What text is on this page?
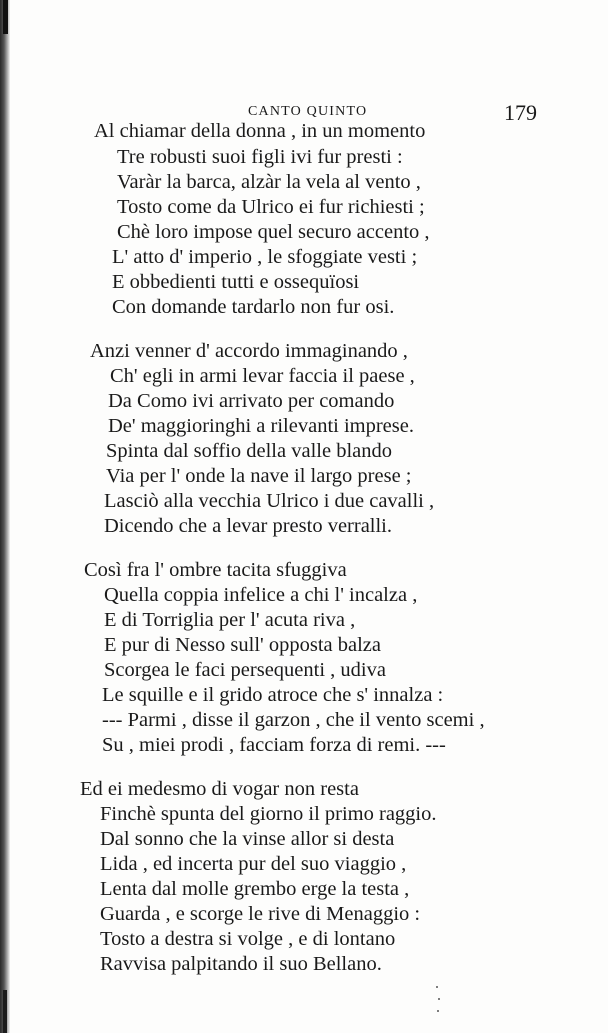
CANTO QUINTO	179
Al chiamar della donna , in un momento
Tre robusti suoi figli ivi fur presti :
Varàr la barca, alzàr la vela al vento ,
Tosto come da Ulrico ei fur richiesti ;
Chè loro impose quel securo accento ,
L' atto d' imperio , le sfoggiate vesti ;
E obbedienti tutti e ossequïosi
Con domande tardarlo non fur osi.
Anzi venner d' accordo immaginando ,
Ch' egli in armi levar faccia il paese ,
Da Como ivi arrivato per comando
De' maggioringhi a rilevanti imprese.
Spinta dal soffio della valle blando
Via per l' onde la nave il largo prese ;
Lasciò alla vecchia Ulrico i due cavalli ,
Dicendo che a levar presto verralli.
Così fra l' ombre tacita sfuggiva
Quella coppia infelice a chi l' incalza ,
E di Torriglia per l' acuta riva ,
E pur di Nesso sull' opposta balza
Scorgea le faci persequenti , udiva
Le squille e il grido atroce che s' innalza :
--- Parmi , disse il garzon , che il vento scemi ,
Su , miei prodi , facciam forza di remi. ---
Ed ei medesmo di vogar non resta
Finchè spunta del giorno il primo raggio.
Dal sonno che la vinse allor si desta
Lida , ed incerta pur del suo viaggio ,
Lenta dal molle grembo erge la testa ,
Guarda , e scorge le rive di Menaggio :
Tosto a destra si volge , e di lontano
Ravvisa palpitando il suo Bellano.
